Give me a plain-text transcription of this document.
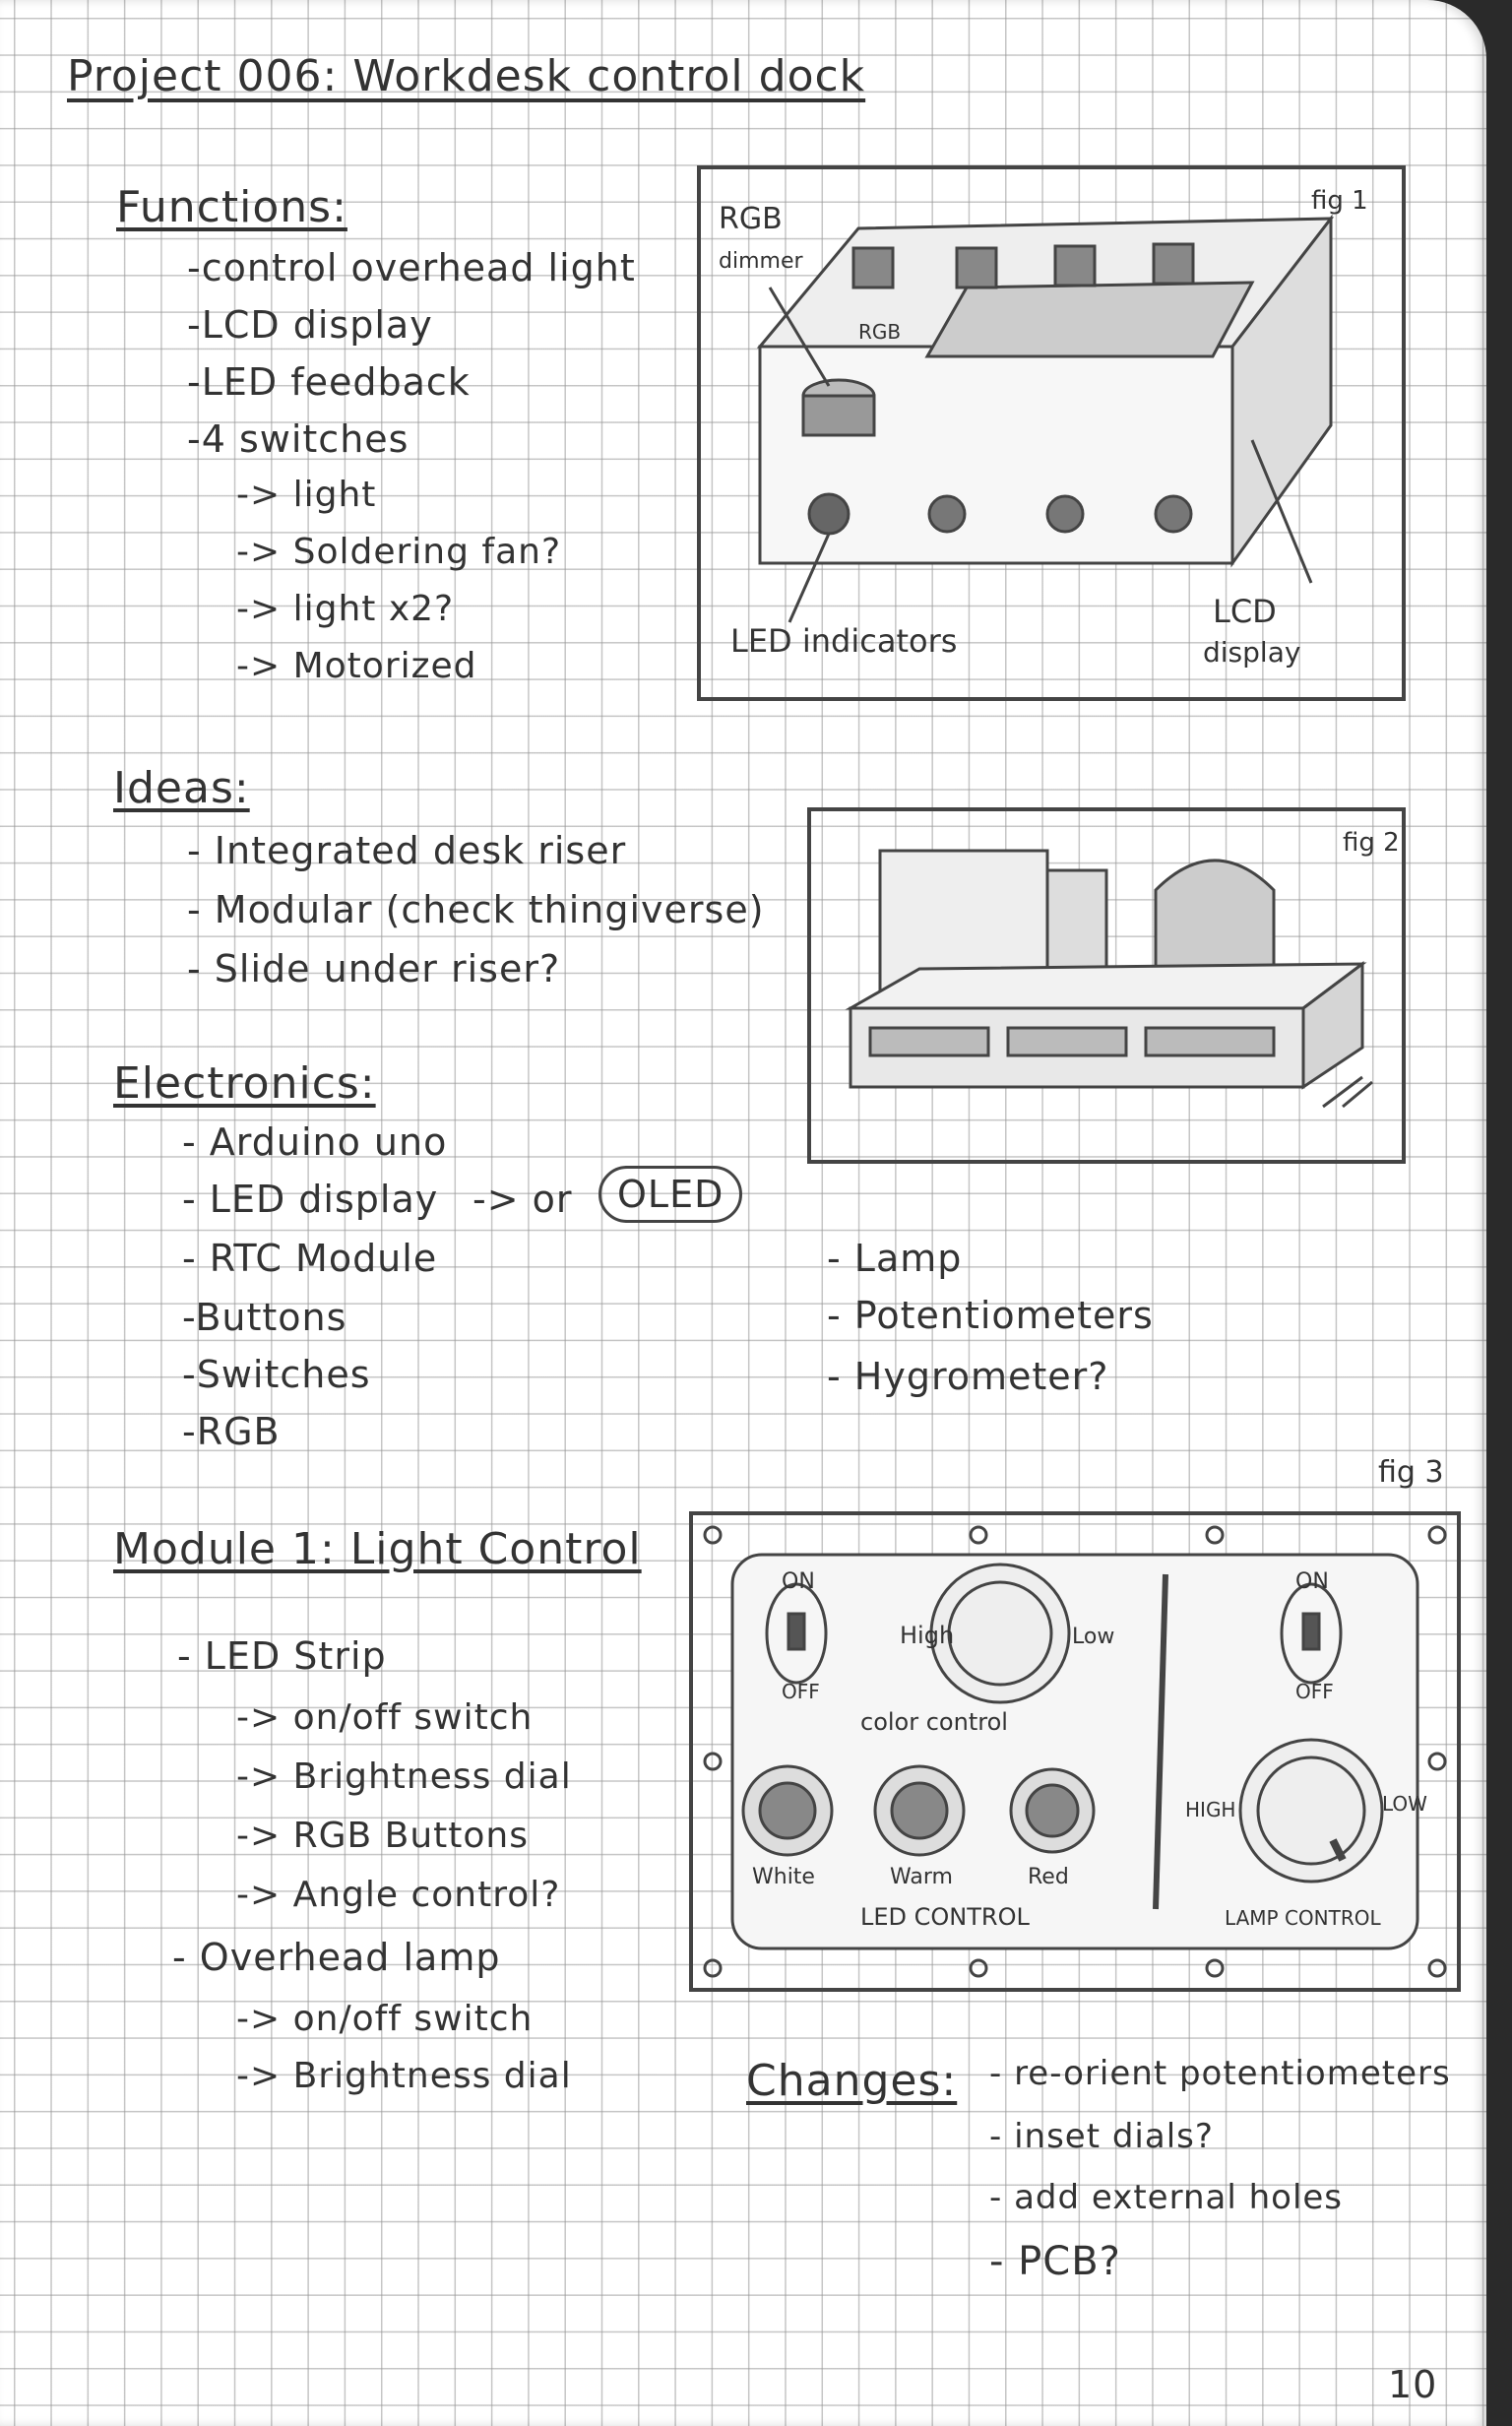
Project 006: Workdesk control dock
Functions:
-control overhead light
-LCD display
-LED feedback
-4 switches
-> light
-> Soldering fan?
-> light x2?
-> Motorized
RGB
dimmer
RGB
LED indicators
LCD
display
fig 1
Ideas:
- Integrated desk riser
- Modular (check thingiverse)
- Slide under riser?
fig 2
Electronics:
- Arduino uno
- LED display -> or	OLED
- RTC Module
-Buttons
-Switches
-RGB
- Lamp
- Potentiometers
- Hygrometer?
Module 1: Light Control
- LED Strip
-> on/off switch
-> Brightness dial
-> RGB Buttons
-> Angle control?
- Overhead lamp
-> on/off switch
-> Brightness dial
fig 3
ON
OFF
High	Low
color control
White	Warm	Red
LED CONTROL
ON
OFF
HIGH	LOW
LAMP CONTROL
Changes: - re-orient potentiometers
- inset dials?
- add external holes
- PCB?
10
